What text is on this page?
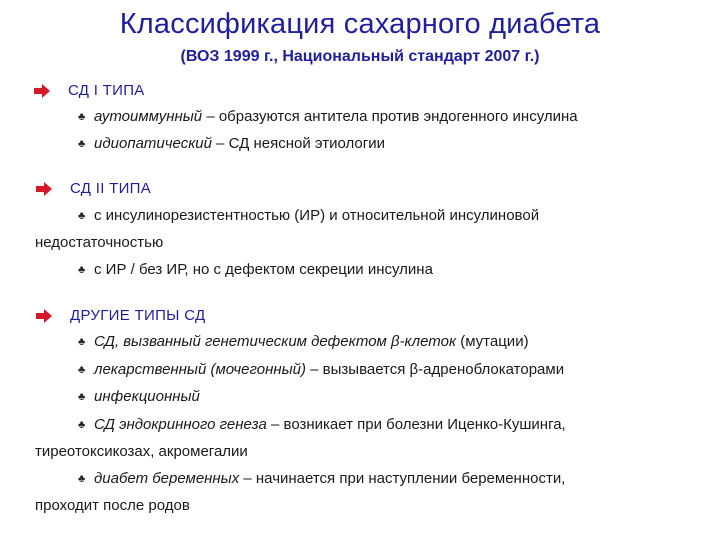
Классификация сахарного диабета
(ВОЗ 1999 г., Национальный стандарт 2007 г.)
СД I ТИПА
♣ аутоиммунный – образуются антитела против эндогенного инсулина
♣ идиопатический – СД неясной этиологии
СД II ТИПА
♣ с инсулинорезистентностью (ИР) и относительной инсулиновой
недостаточностью
♣ с ИР / без ИР, но с дефектом секреции инсулина
ДРУГИЕ ТИПЫ СД
♣ СД, вызванный генетическим дефектом β-клеток (мутации)
♣ лекарственный (мочегонный) – вызывается β-адреноблокаторами
♣ инфекционный
♣ СД эндокринного генеза – возникает при болезни Иценко-Кушинга,
тиреотоксикозах, акромегалии
♣ диабет беременных – начинается при наступлении беременности,
проходит после родов
